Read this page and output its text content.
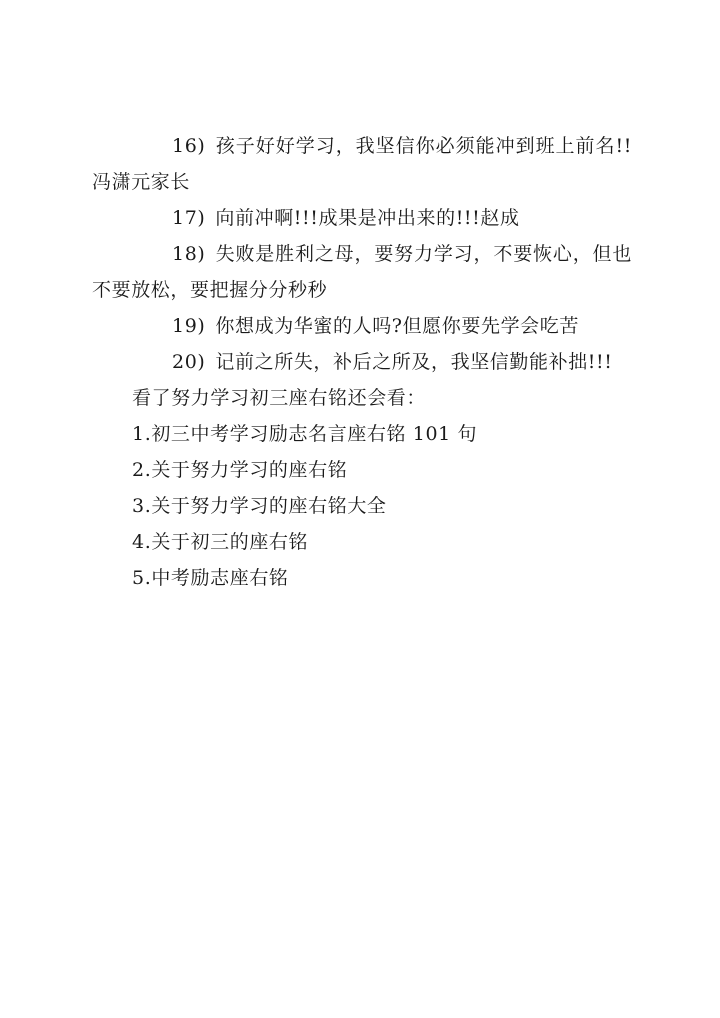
16) 孩子好好学习，我坚信你必须能冲到班上前名!!冯潇元家长

17) 向前冲啊!!!成果是冲出来的!!!赵成

18) 失败是胜利之母，要努力学习，不要恢心，但也不要放松，要把握分分秒秒

19) 你想成为华蜜的人吗?但愿你要先学会吃苦

20) 记前之所失，补后之所及，我坚信勤能补拙!!!

看了努力学习初三座右铭还会看：

1.初三中考学习励志名言座右铭 101 句

2.关于努力学习的座右铭

3.关于努力学习的座右铭大全

4.关于初三的座右铭

5.中考励志座右铭
